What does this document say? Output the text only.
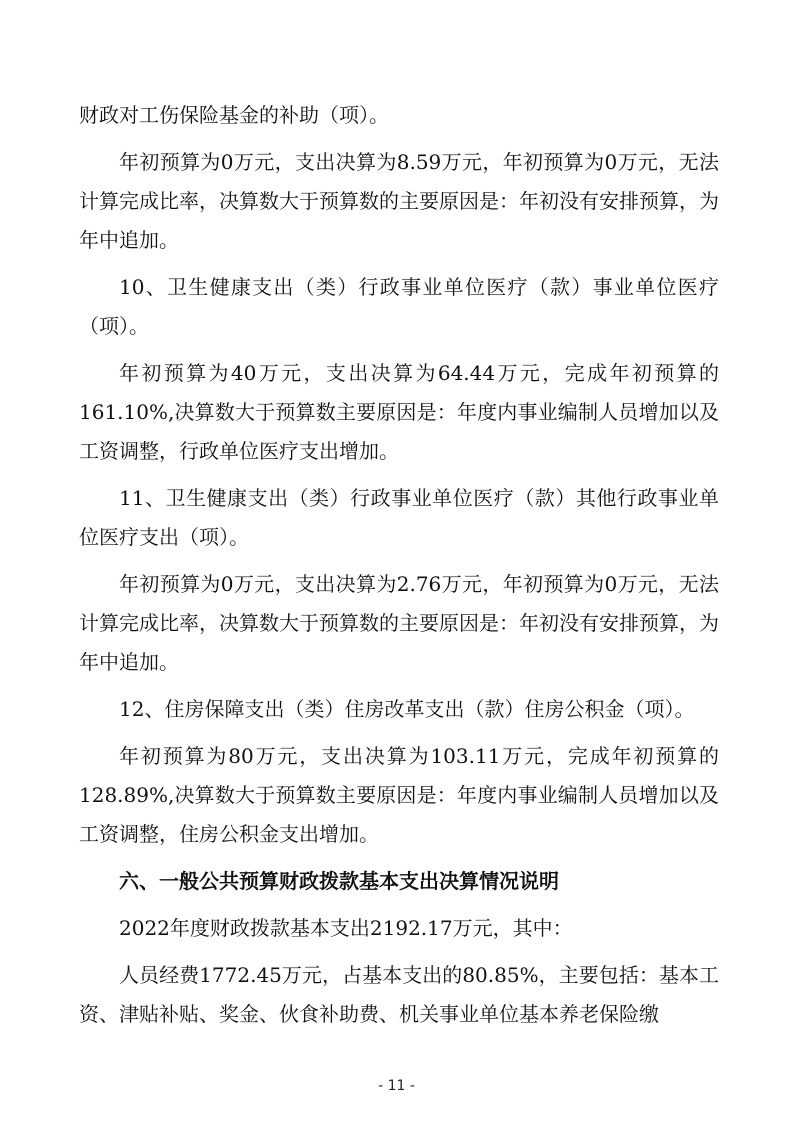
财政对工伤保险基金的补助（项）。

年初预算为0万元，支出决算为8.59万元，年初预算为0万元，无法计算完成比率，决算数大于预算数的主要原因是：年初没有安排预算，为年中追加。

10、卫生健康支出（类）行政事业单位医疗（款）事业单位医疗（项）。

年初预算为40万元，支出决算为64.44万元，完成年初预算的161.10%,决算数大于预算数主要原因是：年度内事业编制人员增加以及工资调整，行政单位医疗支出增加。

11、卫生健康支出（类）行政事业单位医疗（款）其他行政事业单位医疗支出（项）。

年初预算为0万元，支出决算为2.76万元，年初预算为0万元，无法计算完成比率，决算数大于预算数的主要原因是：年初没有安排预算，为年中追加。

12、住房保障支出（类）住房改革支出（款）住房公积金（项）。

年初预算为80万元，支出决算为103.11万元，完成年初预算的128.89%,决算数大于预算数主要原因是：年度内事业编制人员增加以及工资调整，住房公积金支出增加。

六、一般公共预算财政拨款基本支出决算情况说明

2022年度财政拨款基本支出2192.17万元，其中：

人员经费1772.45万元，占基本支出的80.85%，主要包括：基本工资、津贴补贴、奖金、伙食补助费、机关事业单位基本养老保险缴

- 11 -
